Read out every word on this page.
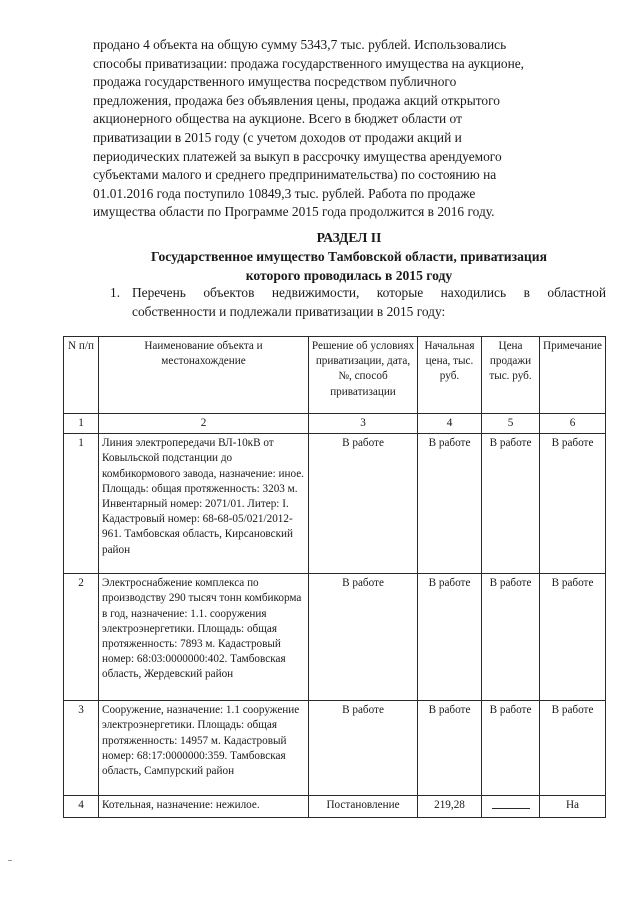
продано 4 объекта на общую сумму 5343,7 тыс. рублей. Использовались
способы приватизации: продажа государственного имущества на аукционе,
продажа государственного имущества посредством публичного
предложения, продажа без объявления цены, продажа акций открытого
акционерного общества на аукционе. Всего в бюджет области от
приватизации в 2015 году (с учетом доходов от продажи акций и
периодических платежей за выкуп в рассрочку имущества арендуемого
субъектами малого и среднего предпринимательства) по состоянию на
01.01.2016 года поступило 10849,3 тыс. рублей. Работа по продаже
имущества области по Программе 2015 года продолжится в 2016 году.
РАЗДЕЛ II
Государственное имущество Тамбовской области, приватизация
которого проводилась в 2015 году
1. Перечень объектов недвижимости, которые находились в областной собственности и подлежали приватизации в 2015 году:
N п/п	Наименование объекта и местонахождение	Решение об условиях приватизации, дата, №, способ приватизации	Начальная цена, тыс. руб.	Цена продажи тыс. руб.	Примечание
1	2	3	4	5	6
1	Линия электропередачи ВЛ-10кВ от Ковыльской подстанции до комбикормового завода, назначение: иное. Площадь: общая протяженность: 3203 м. Инвентарный номер: 2071/01. Литер: I. Кадастровый номер: 68-68-05/021/2012-961. Тамбовская область, Кирсановский район	В работе	В работе	В работе	В работе
2	Электроснабжение комплекса по производству 290 тысяч тонн комбикорма в год, назначение: 1.1. сооружения электроэнергетики. Площадь: общая протяженность: 7893 м. Кадастровый номер: 68:03:0000000:402. Тамбовская область, Жердевский район	В работе	В работе	В работе	В работе
3	Сооружение, назначение: 1.1 сооружение электроэнергетики. Площадь: общая протяженность: 14957 м. Кадастровый номер: 68:17:0000000:359. Тамбовская область, Сампурский район	В работе	В работе	В работе	В работе
4	Котельная, назначение: нежилое.	Постановление	219,28		На
